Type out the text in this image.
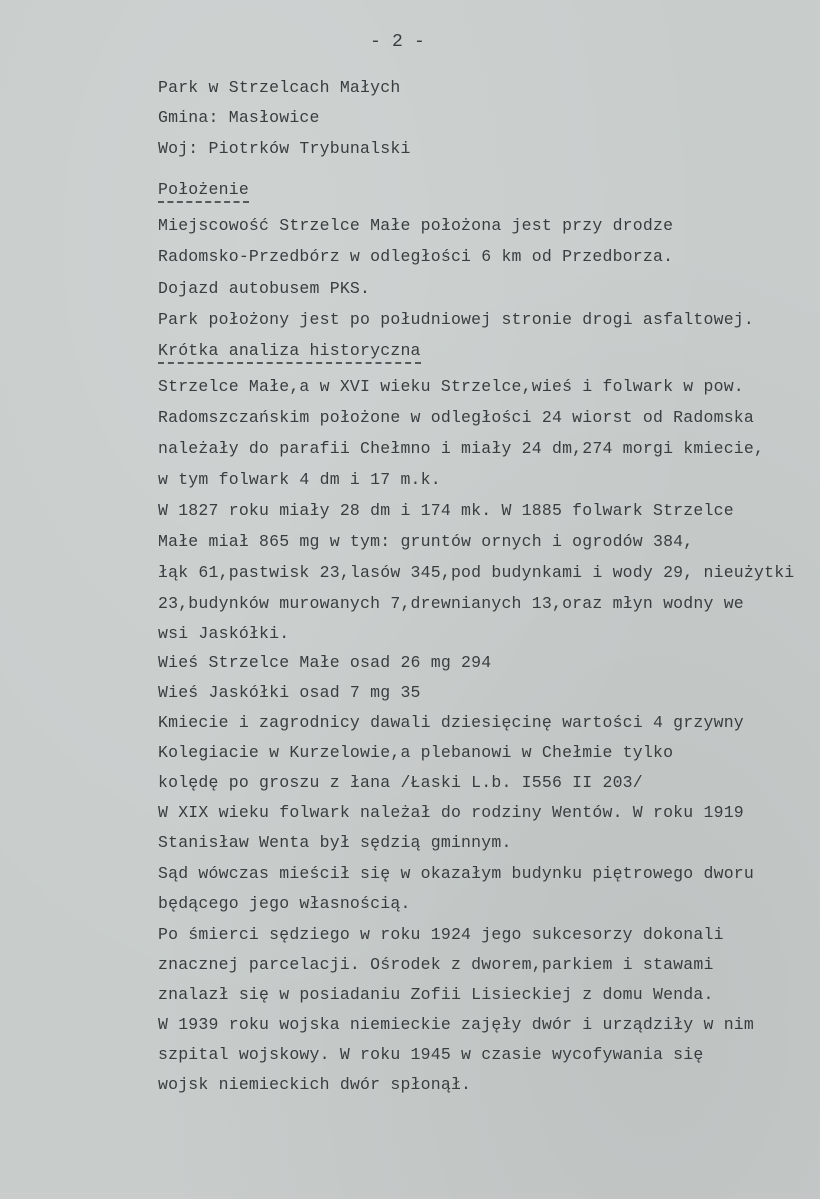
- 2 -
Park w Strzelcach Małych
Gmina: Masłowice
Woj: Piotrków Trybunalski
Położenie
Miejscowość Strzelce Małe położona jest przy drodze
Radomsko-Przedbórz w odległości 6 km od Przedborza.
Dojazd autobusem PKS.
Park położony jest po południowej stronie drogi asfaltowej.
Krótka analiza historyczna
Strzelce Małe,a w XVI wieku Strzelce,wieś i folwark w pow.
Radomszczańskim położone w odległości 24 wiorst od Radomska
należały do parafii Chełmno i miały 24 dm,274 morgi kmiecie,
w tym folwark 4 dm i 17 m.k.
W 1827 roku miały 28 dm i 174 mk. W 1885 folwark Strzelce
Małe miał 865 mg w tym: gruntów ornych i ogrodów 384,
łąk 61,pastwisk 23,lasów 345,pod budynkami i wody 29, nieużytki
23,budynków murowanych 7,drewnianych 13,oraz młyn wodny we
wsi Jaskółki.
Wieś Strzelce Małe osad 26 mg 294
Wieś Jaskółki osad 7 mg 35
Kmiecie i zagrodnicy dawali dziesięcinę wartości 4 grzywny
Kolegiacie w Kurzelowie,a plebanowi w Chełmie tylko
kolędę po groszu z łana /Łaski L.b. I556 II 203/
W XIX wieku folwark należał do rodziny Wentów. W roku 1919
Stanisław Wenta był sędzią gminnym.
Sąd wówczas mieścił się w okazałym budynku piętrowego dworu
będącego jego własnością.
Po śmierci sędziego w roku 1924 jego sukcesorzy dokonali
znacznej parcelacji. Ośrodek z dworem,parkiem i stawami
znalazł się w posiadaniu Zofii Lisieckiej z domu Wenda.
W 1939 roku wojska niemieckie zajęły dwór i urządziły w nim
szpital wojskowy. W roku 1945 w czasie wycofywania się
wojsk niemieckich dwór spłonął.
